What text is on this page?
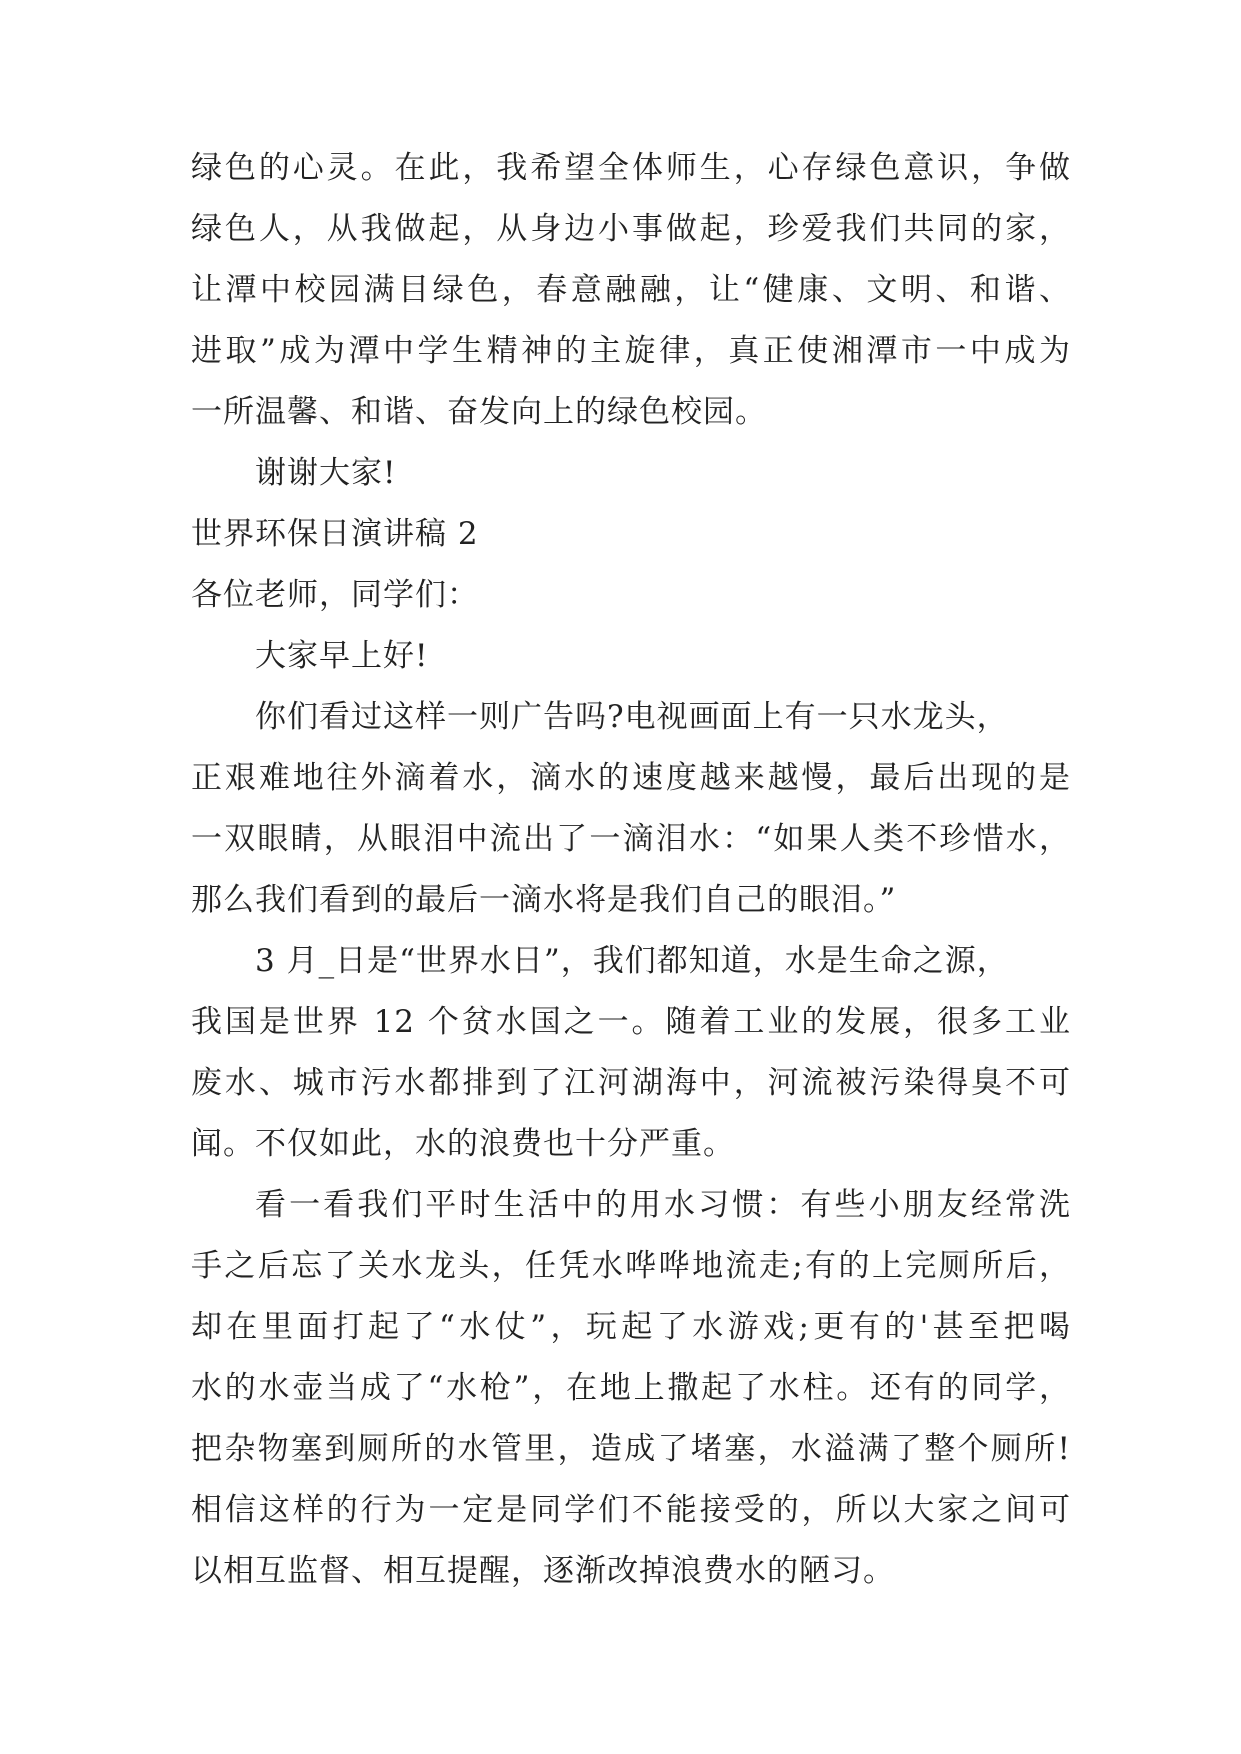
绿色的心灵。在此，我希望全体师生，心存绿色意识，争做
绿色人，从我做起，从身边小事做起，珍爱我们共同的家，
让潭中校园满目绿色，春意融融，让“健康、文明、和谐、
进取”成为潭中学生精神的主旋律，真正使湘潭市一中成为
一所温馨、和谐、奋发向上的绿色校园。
谢谢大家!
世界环保日演讲稿 2
各位老师，同学们：
大家早上好!
你们看过这样一则广告吗?电视画面上有一只水龙头，
正艰难地往外滴着水，滴水的速度越来越慢，最后出现的是
一双眼睛，从眼泪中流出了一滴泪水：“如果人类不珍惜水，
那么我们看到的最后一滴水将是我们自己的眼泪。”
3 月_日是“世界水日”，我们都知道，水是生命之源，
我国是世界 12 个贫水国之一。随着工业的发展，很多工业
废水、城市污水都排到了江河湖海中，河流被污染得臭不可
闻。不仅如此，水的浪费也十分严重。
看一看我们平时生活中的用水习惯：有些小朋友经常洗
手之后忘了关水龙头，任凭水哗哗地流走;有的上完厕所后，
却在里面打起了“水仗”，玩起了水游戏;更有的'甚至把喝
水的水壶当成了“水枪”，在地上撒起了水柱。还有的同学，
把杂物塞到厕所的水管里，造成了堵塞，水溢满了整个厕所!
相信这样的行为一定是同学们不能接受的，所以大家之间可
以相互监督、相互提醒，逐渐改掉浪费水的陋习。
